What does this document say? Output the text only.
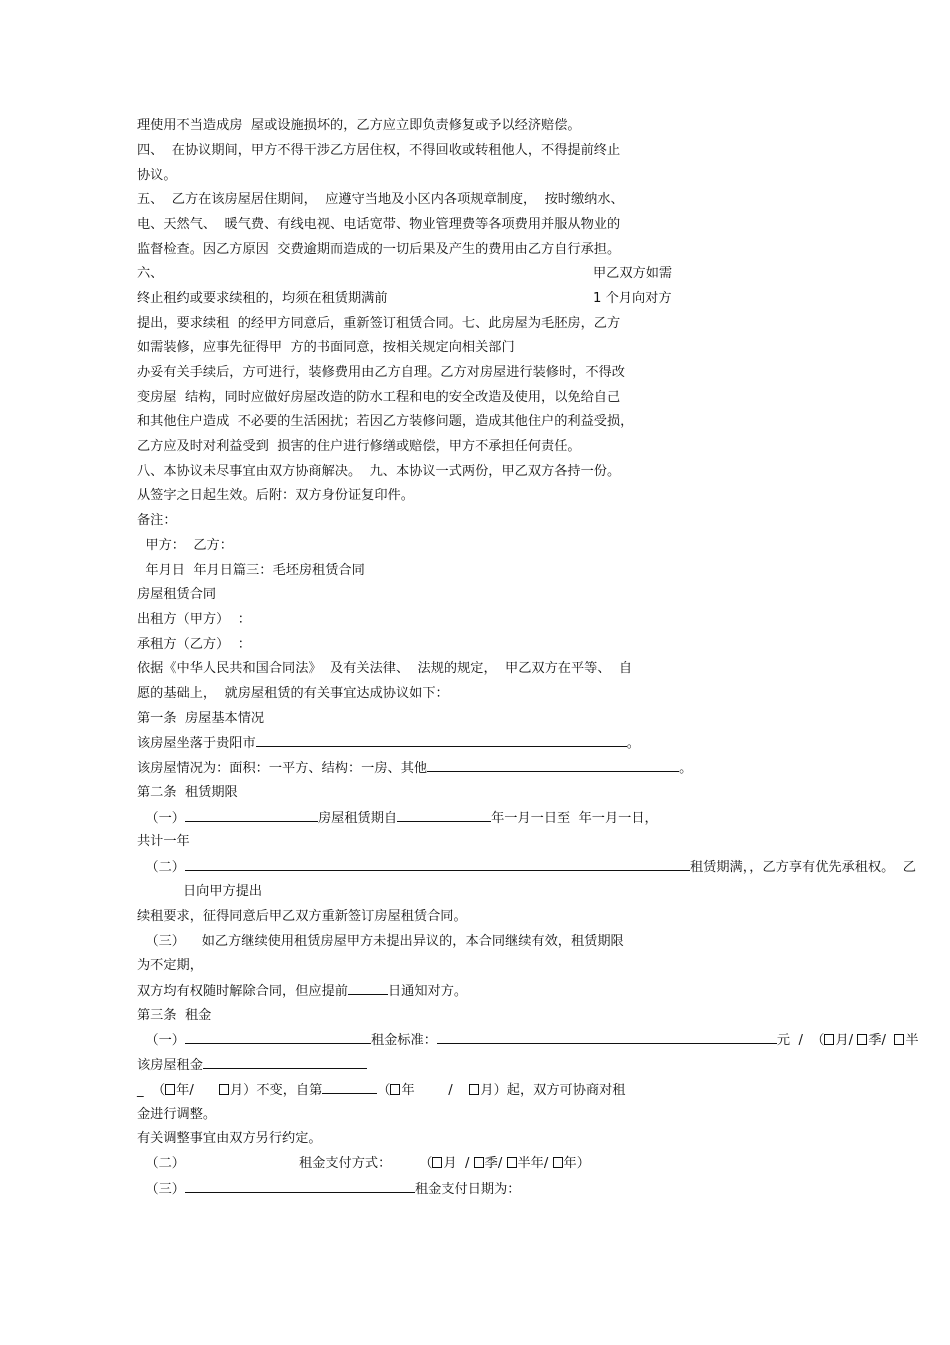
理使用不当造成房  屋或设施损坏的，乙方应立即负责修复或予以经济赔偿。
四、  在协议期间，甲方不得干涉乙方居住权，不得回收或转租他人，不得提前终止
协议。
五、  乙方在该房屋居住期间，  应遵守当地及小区内各项规章制度，  按时缴纳水、
电、天然气、  暖气费、有线电视、电话宽带、物业管理费等各项费用并服从物业的
监督检查。因乙方原因  交费逾期而造成的一切后果及产生的费用由乙方自行承担。
六、	甲乙双方如需
终止租约或要求续租的，均须在租赁期满前	1 个月向对方
提出，要求续租  的经甲方同意后，重新签订租赁合同。七、此房屋为毛胚房，乙方
如需装修，应事先征得甲  方的书面同意，按相关规定向相关部门
办妥有关手续后，方可进行，装修费用由乙方自理。乙方对房屋进行装修时，不得改
变房屋  结构，同时应做好房屋改造的防水工程和电的安全改造及使用，以免给自己
和其他住户造成  不必要的生活困扰；若因乙方装修问题，造成其他住户的利益受损，
乙方应及时对利益受到  损害的住户进行修缮或赔偿，甲方不承担任何责任。
八、本协议未尽事宜由双方协商解决。  九、本协议一式两份，甲乙双方各持一份。
从签字之日起生效。后附：双方身份证复印件。
备注：
甲方：  乙方：
年月日  年月日篇三：毛坯房租赁合同
房屋租赁合同
出租方（甲方）  ：
承租方（乙方）  ：
依据《中华人民共和国合同法》  及有关法律、  法规的规定，  甲乙双方在平等、  自
愿的基础上，  就房屋租赁的有关事宜达成协议如下：
第一条  房屋基本情况
该房屋坐落于贵阳市	。
该房屋情况为：面积：一平方、结构：一房、其他	。
第二条  租赁期限
（一）	房屋租赁期自	年一月一日至  年一月一日，
共计一年
（二）	租赁期满，，乙方享有优先承租权。  乙
日向甲方提出
续租要求，征得同意后甲乙双方重新签订房屋租赁合同。
（三）    如乙方继续使用租赁房屋甲方未提出异议的，本合同继续有效，租赁期限
为不定期，
双方均有权随时解除合同，但应提前	日通知对方。
第三条  租金
（一）	租金标准：	元  /  （ 月/ 季/  半
该房屋租金
_  （ 年/      月）不变，自第	（ 年        /    月）起，双方可协商对租
金进行调整。
有关调整事宜由双方另行约定。
（二）	租金支付方式： （ 月  / 季/ 半年/ 年）
（三）	租金支付日期为：
